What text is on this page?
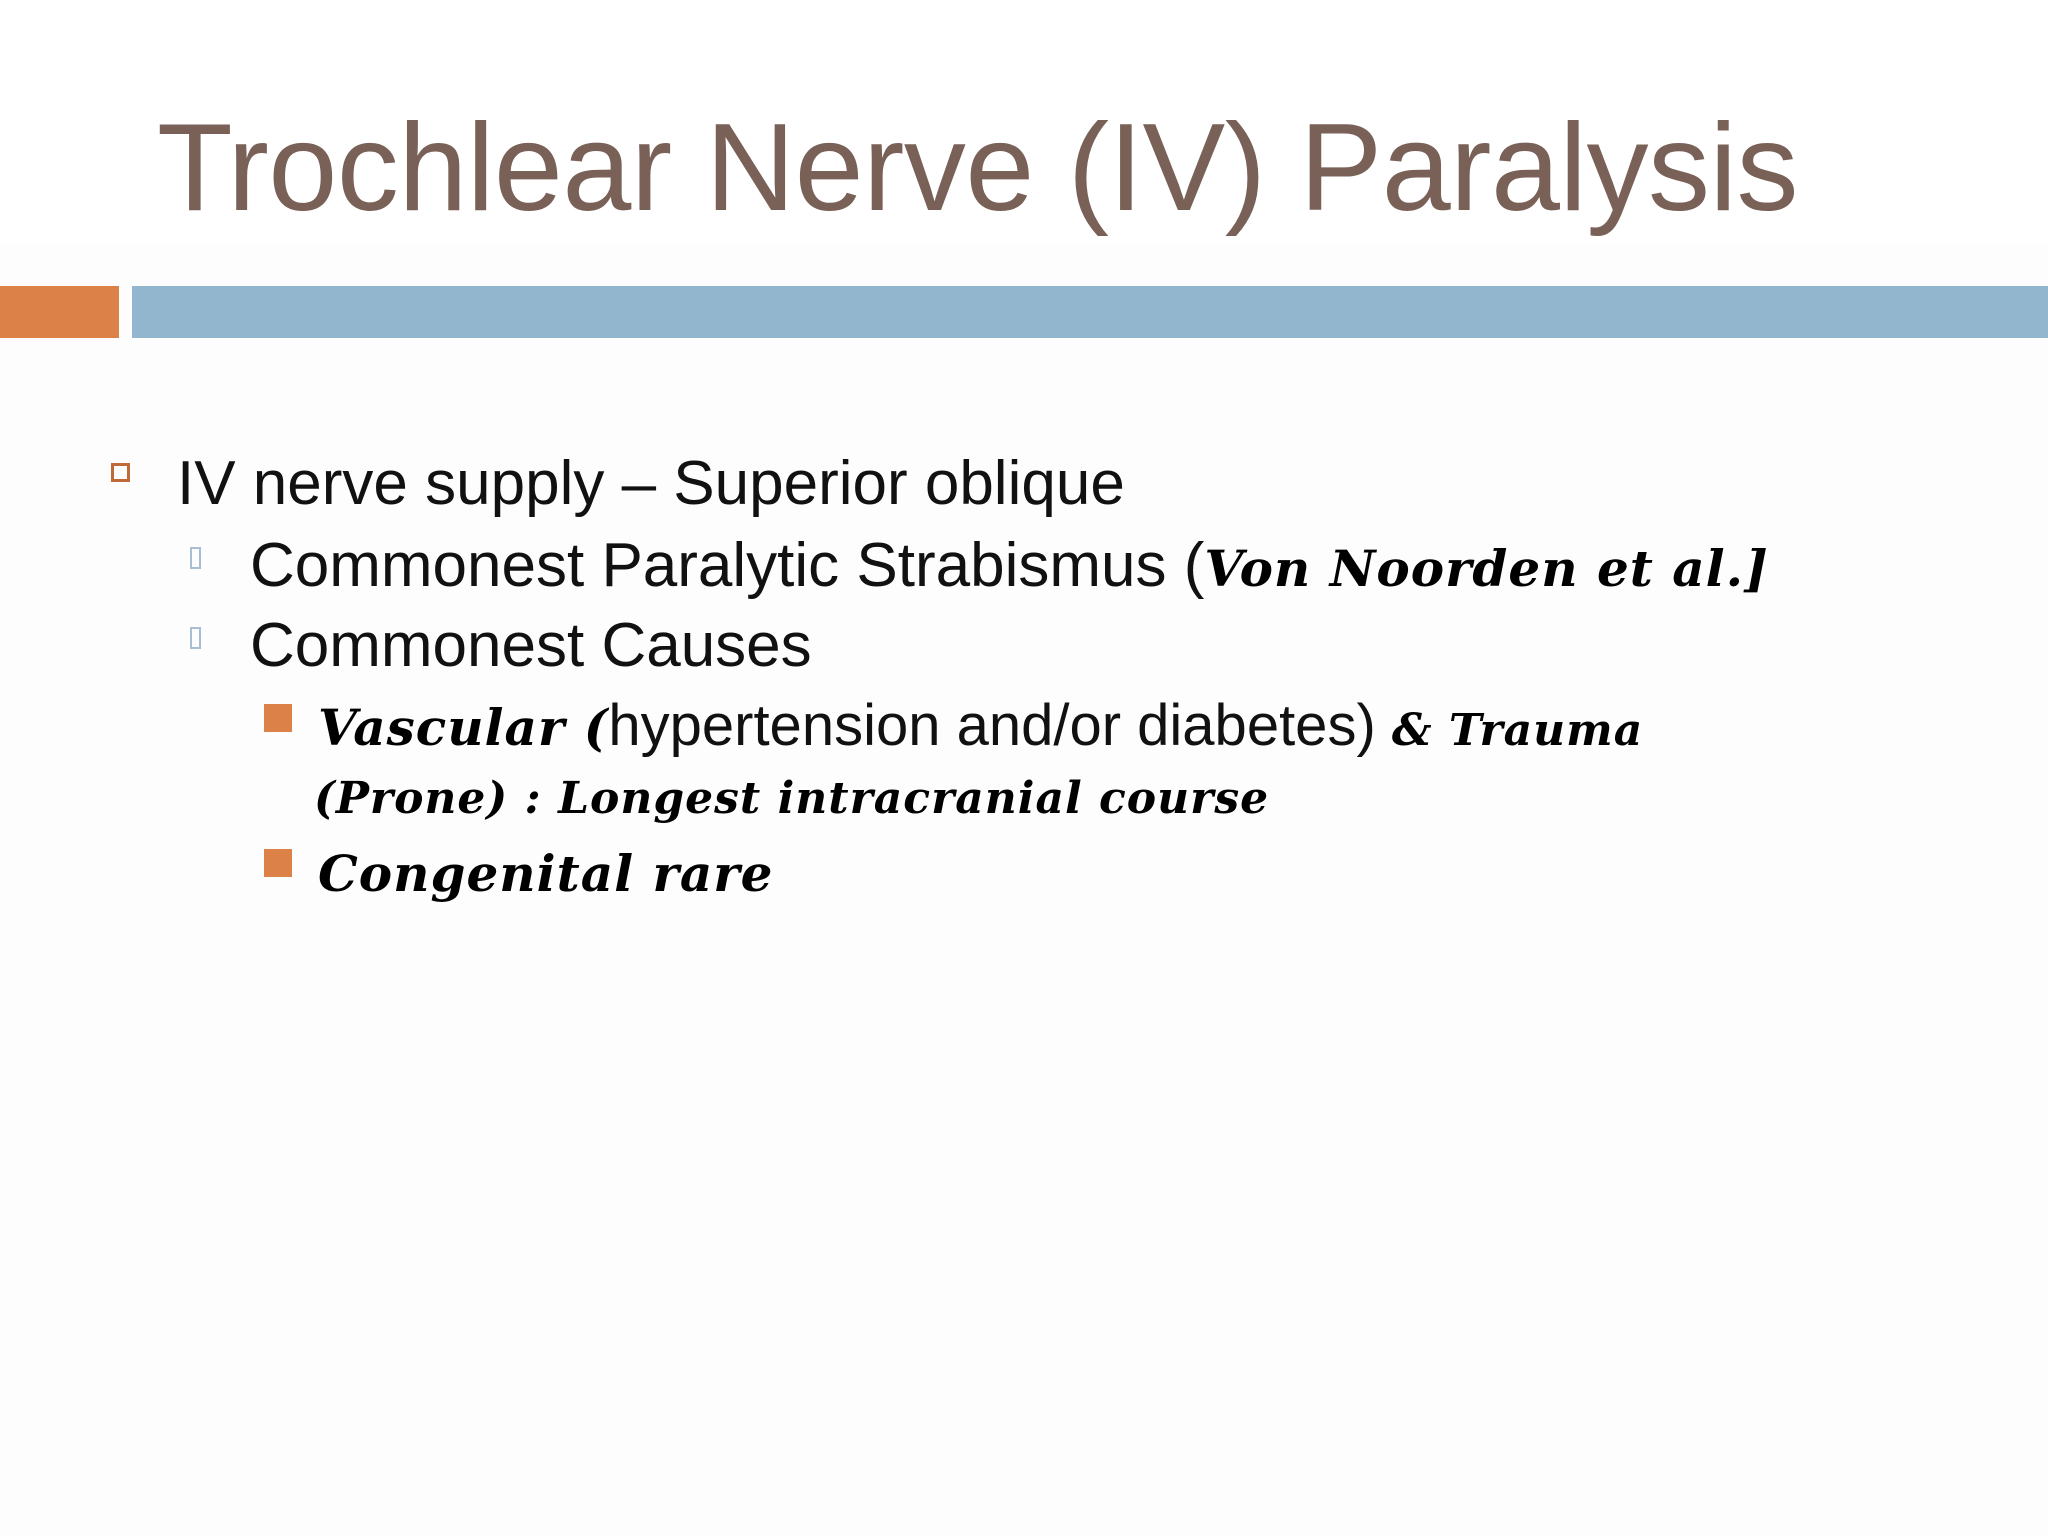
Trochlear Nerve (IV) Paralysis
IV nerve supply – Superior oblique
Commonest Paralytic Strabismus (Von Noorden et al.]
Commonest Causes
Vascular (hypertension and/or diabetes) & Trauma
(Prone) : Longest intracranial course
Congenital rare
